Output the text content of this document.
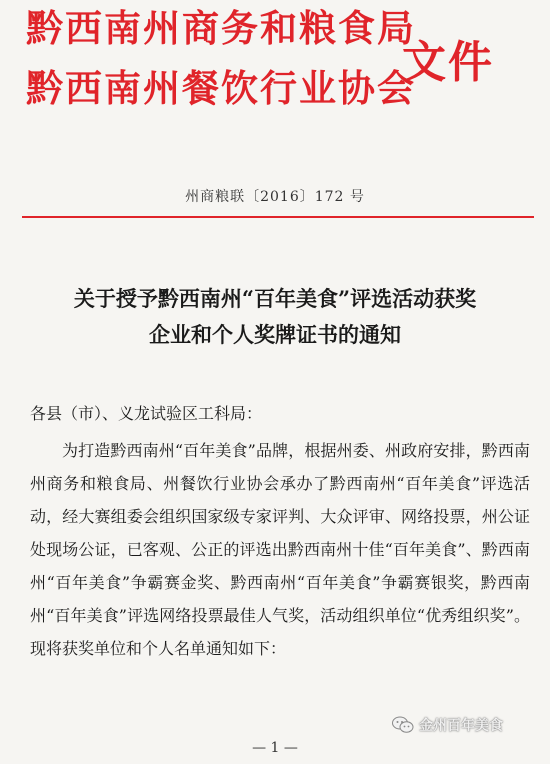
黔西南州商务和粮食局
黔西南州餐饮行业协会
文件
州商粮联〔2016〕172 号
关于授予黔西南州“百年美食”评选活动获奖
企业和个人奖牌证书的通知
各县（市）、义龙试验区工科局：
为打造黔西南州“百年美食”品牌，根据州委、州政府安排，黔西南州商务和粮食局、州餐饮行业协会承办了黔西南州“百年美食”评选活动，经大赛组委会组织国家级专家评判、大众评审、网络投票，州公证处现场公证，已客观、公正的评选出黔西南州十佳“百年美食”、黔西南州“百年美食”争霸赛金奖、黔西南州“百年美食”争霸赛银奖，黔西南州“百年美食”评选网络投票最佳人气奖，活动组织单位“优秀组织奖”。现将获奖单位和个人名单通知如下：
金州百年美食
— 1 —
